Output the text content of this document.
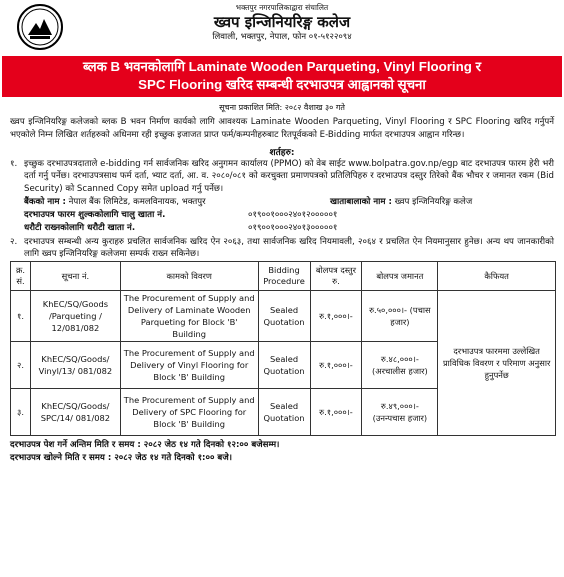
भक्तपुर नगरपालिकाद्वारा संचालित
ख्वप इन्जिनियरिङ्ग कलेज
लिवाली, भक्तपुर, नेपाल, फोन ०१-५१२२०९४
ब्लक B भवनकोलागि Laminate Wooden Parqueting, Vinyl Flooring र
SPC Flooring खरिद सम्बन्धी दरभाउपत्र आह्वानको सूचना
सूचना प्रकाशित मिति: २०८२ वैशाख ३० गते
ख्वप इन्जिनियरिङ्ग कलेजको ब्लक B भवन निर्माण कार्यको लागि आवश्यक Laminate Wooden Parqueting, Vinyl Flooring र SPC Flooring खरिद गर्नुपर्ने भएकोले निम्न लिखित शर्तहरुको अधिनमा रही इच्छुक इजाजत प्राप्त फर्म/कम्पनीहरुबाट रितपूर्वकको E-Bidding मार्फत दरभाउपत्र आह्वान गरिन्छ।
शर्तहरु:
१. इच्छुक दरभाउपत्रदाताले e-bidding गर्न सार्वजनिक खरिद अनुगमन कार्यालय (PPMO) को वेब साईट www.bolpatra.gov.np/egp बाट दरभाउपत्र फारम हेरी भरी दर्ता गर्नु पर्नेछ। दरभाउपत्रसाथ फर्म दर्ता, भ्याट दर्ता, आ. व. २०८०/०८१ को करचुक्ता प्रमाणपत्रको प्रतिलिपिहरु र दरभाउपत्र दस्तुर तिरेको बैंक भौचर र जमानत रकम (Bid Security) को Scanned Copy समेत upload गर्नु पर्नेछ।
बैंकको नाम : नेपाल बैंक लिमिटेड, कमलविनायक, भक्तपुर	खाताबालाको नाम : ख्वप इन्जिनियरिङ्ग कलेज
दरभाउपत्र फारम शुल्ककोलागि चालु खाता नं.	०१९००१०००२४०१२०००००१
धरौटी राख्नकोलागि धरौटी खाता नं.	०१९००१०००२४०१३०००००१
२. दरभाउपत्र सम्बन्धी अन्य कुराहरु प्रचलित सार्वजनिक खरिद ऐन २०६३, तथा सार्वजनिक खरिद नियमावली, २०६४ र प्रचलित ऐन नियमानुसार हुनेछ। अन्य थप जानकारीको लागि ख्वप इन्जिनियरिङ्ग कलेजमा सम्पर्क राख्न सकिनेछ।
क्र. सं.	सूचना नं.	कामको विवरण	Bidding Procedure	बोलपत्र दस्तुर रु.	बोलपत्र जमानत	कैफियत
१.	KhEC/SQ/Goods /Parqueting / 12/081/082	The Procurement of Supply and Delivery of Laminate Wooden Parqueting for Block 'B' Building	Sealed Quotation	रु.१,०००।-	रु.५०,०००।- (पचास हजार)	दरभाउपत्र फारममा उल्लेखित प्राविधिक विवरण र परिमाण अनुसार हुनुपर्नेछ
२.	KhEC/SQ/Goods/ Vinyl/13/ 081/082	The Procurement of Supply and Delivery of Vinyl Flooring for Block 'B' Building	Sealed Quotation	रु.१,०००।-	रु.४८,०००।- (अरचालीस हजार)	
३.	KhEC/SQ/Goods/ SPC/14/ 081/082	The Procurement of Supply and Delivery of SPC Flooring for Block 'B' Building	Sealed Quotation	रु.१,०००।-	रु.४९,०००।- (उनन्पचास हजार)	
दरभाउपत्र पेश गर्ने अन्तिम मिति र समय : २०८२ जेठ १४ गते दिनको १२:०० बजेसम्म।
दरभाउपत्र खोल्ने मिति र समय : २०८२ जेठ १४ गते दिनको १:०० बजे।
